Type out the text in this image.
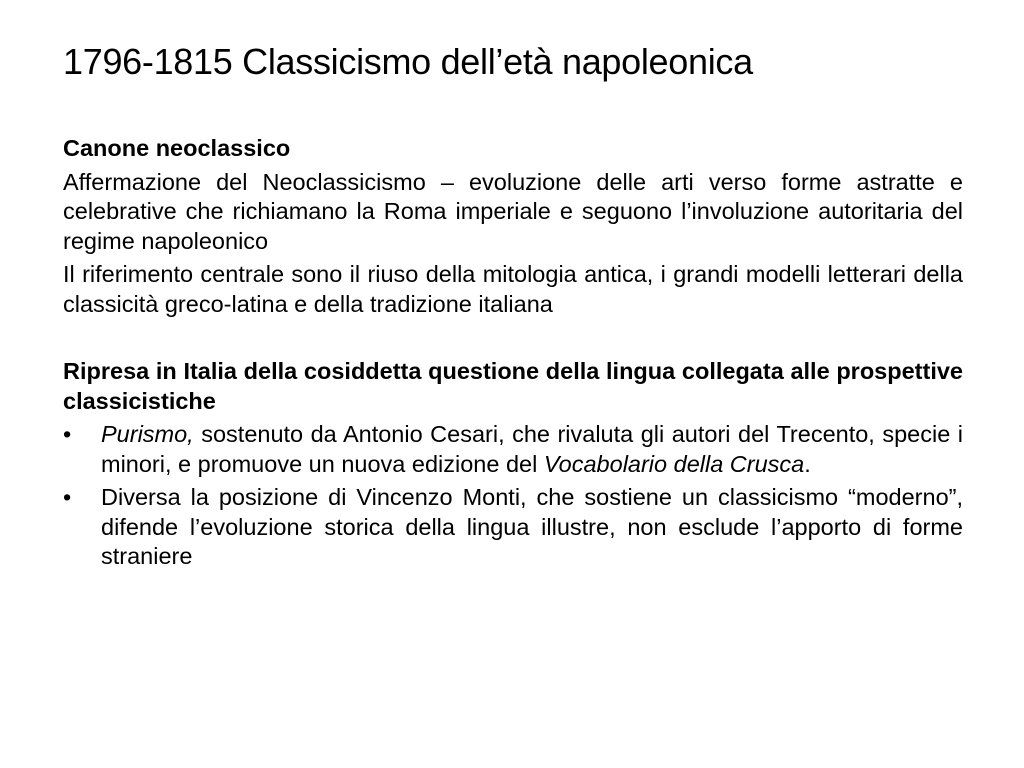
1796-1815 Classicismo dell’età napoleonica

Canone neoclassico

Affermazione del Neoclassicismo – evoluzione delle arti verso forme astratte e celebrative che richiamano la Roma imperiale e seguono l’involuzione autoritaria del regime napoleonico

Il riferimento centrale sono il riuso della mitologia antica, i grandi modelli letterari della classicità greco-latina e della tradizione italiana

Ripresa in Italia della cosiddetta questione della lingua collegata alle prospettive classicistiche

•	Purismo, sostenuto da Antonio Cesari, che rivaluta gli autori del Trecento, specie i minori, e promuove un nuova edizione del Vocabolario della Crusca.
•	Diversa la posizione di Vincenzo Monti, che sostiene un classicismo “moderno”, difende l’evoluzione storica della lingua illustre, non esclude l’apporto di forme straniere
